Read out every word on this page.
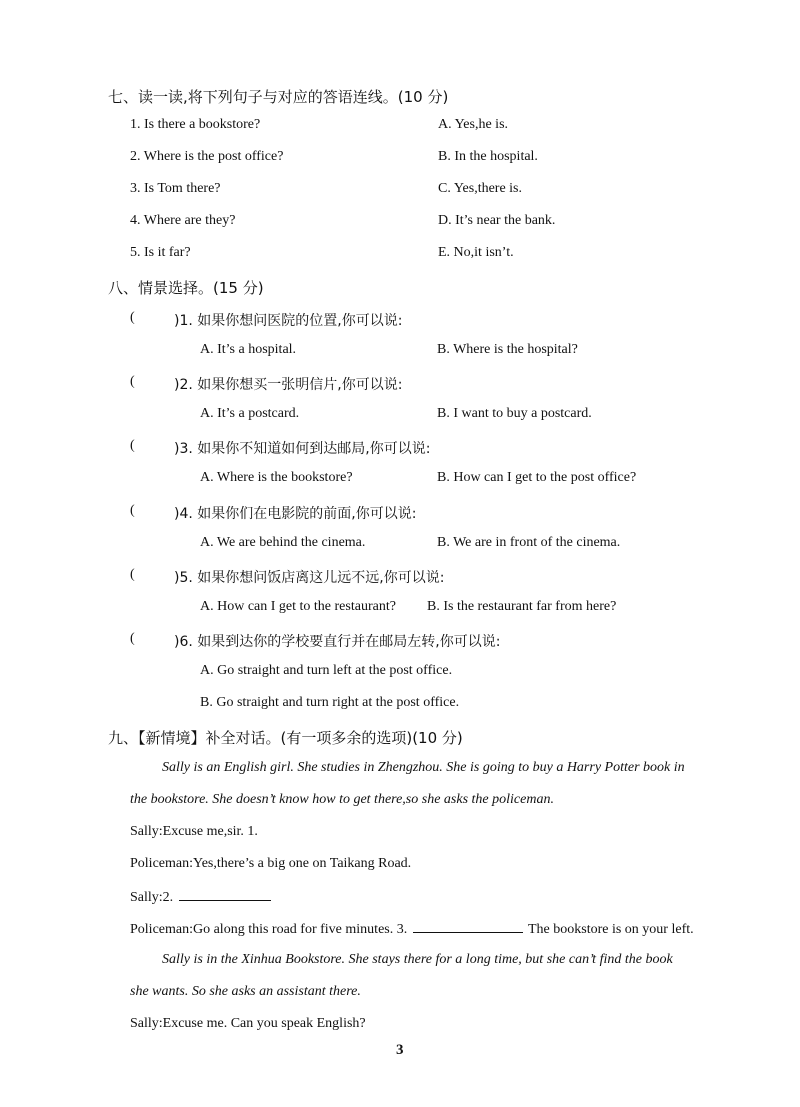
七、读一读,将下列句子与对应的答语连线。(10 分)
1. Is there a bookstore?	A. Yes,he is.
2. Where is the post office?	B. In the hospital.
3. Is Tom there?	C. Yes,there is.
4. Where are they?	D. It’s near the bank.
5. Is it far?	E. No,it isn’t.
八、情景选择。(15 分)
(	)1. 如果你想问医院的位置,你可以说:
A. It’s a hospital.	B. Where is the hospital?
(	)2. 如果你想买一张明信片,你可以说:
A. It’s a postcard.	B. I want to buy a postcard.
(	)3. 如果你不知道如何到达邮局,你可以说:
A. Where is the bookstore?	B. How can I get to the post office?
(	)4. 如果你们在电影院的前面,你可以说:
A. We are behind the cinema.	B. We are in front of the cinema.
(	)5. 如果你想问饭店离这儿远不远,你可以说:
A. How can I get to the restaurant? B. Is the restaurant far from here?
(	)6. 如果到达你的学校要直行并在邮局左转,你可以说:
A. Go straight and turn left at the post office.
B. Go straight and turn right at the post office.
九、【新情境】补全对话。(有一项多余的选项)(10 分)
Sally is an English girl. She studies in Zhengzhou. She is going to buy a Harry Potter book in
the bookstore. She doesn’t know how to get there,so she asks the policeman.
Sally:Excuse me,sir. 1.
Policeman:Yes,there’s a big one on Taikang Road.
Sally:2.
Policeman:Go along this road for five minutes. 3.	The bookstore is on your left.
Sally is in the Xinhua Bookstore. She stays there for a long time, but she can’t find the book
she wants. So she asks an assistant there.
Sally:Excuse me. Can you speak English?
3
